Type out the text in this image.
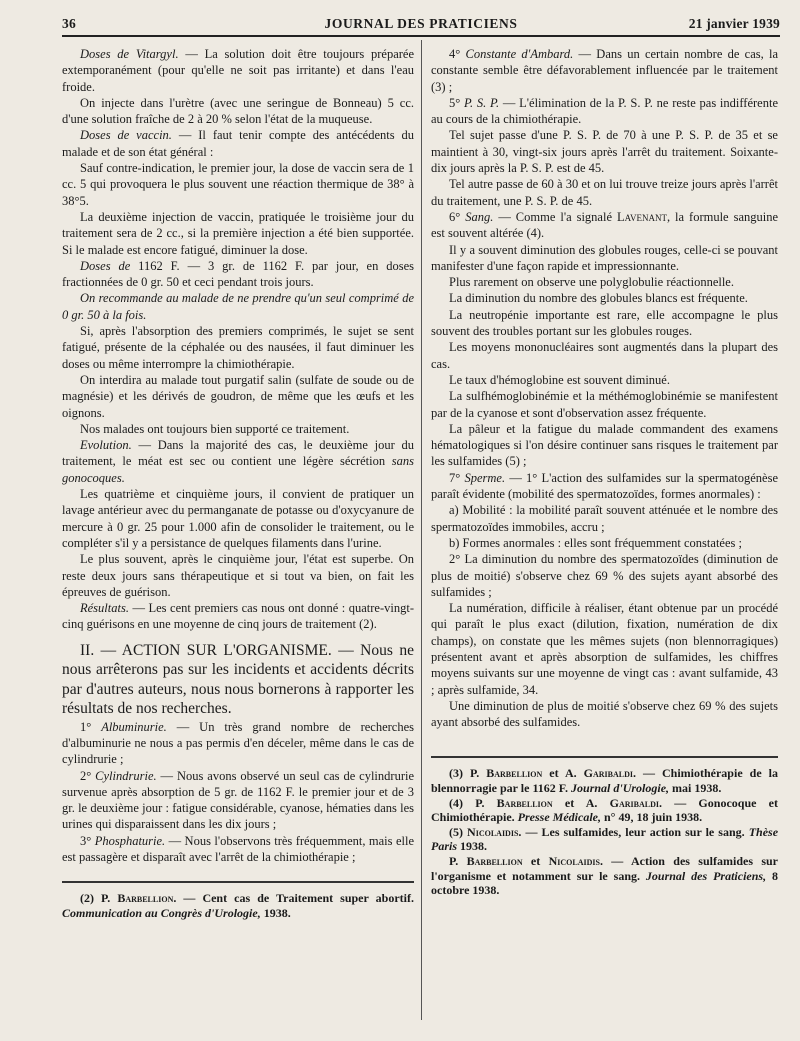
36	JOURNAL DES PRATICIENS	21 janvier 1939

Doses de Vitargyl. — La solution doit être toujours préparée extemporanément (pour qu'elle ne soit pas irritante) et dans l'eau froide.

On injecte dans l'urètre (avec une seringue de Bonneau) 5 cc. d'une solution fraîche de 2 à 20 % selon l'état de la muqueuse.

Doses de vaccin. — Il faut tenir compte des antécédents du malade et de son état général :

Sauf contre-indication, le premier jour, la dose de vaccin sera de 1 cc. 5 qui provoquera le plus souvent une réaction thermique de 38° à 38°5.

La deuxième injection de vaccin, pratiquée le troisième jour du traitement sera de 2 cc., si la première injection a été bien supportée. Si le malade est encore fatigué, diminuer la dose.

Doses de 1162 F. — 3 gr. de 1162 F. par jour, en doses fractionnées de 0 gr. 50 et ceci pendant trois jours.

On recommande au malade de ne prendre qu'un seul comprimé de 0 gr. 50 à la fois.

Si, après l'absorption des premiers comprimés, le sujet se sent fatigué, présente de la céphalée ou des nausées, il faut diminuer les doses ou même interrompre la chimiothérapie.

On interdira au malade tout purgatif salin (sulfate de soude ou de magnésie) et les dérivés de goudron, de même que les œufs et les oignons.

Nos malades ont toujours bien supporté ce traitement.

Evolution. — Dans la majorité des cas, le deuxième jour du traitement, le méat est sec ou contient une légère sécrétion sans gonocoques.

Les quatrième et cinquième jours, il convient de pratiquer un lavage antérieur avec du permanganate de potasse ou d'oxycyanure de mercure à 0 gr. 25 pour 1.000 afin de consolider le traitement, ou le compléter s'il y a persistance de quelques filaments dans l'urine.

Le plus souvent, après le cinquième jour, l'état est superbe. On reste deux jours sans thérapeutique et si tout va bien, on fait les épreuves de guérison.

Résultats. — Les cent premiers cas nous ont donné : quatre-vingt-cinq guérisons en une moyenne de cinq jours de traitement (2).

II. — ACTION SUR L'ORGANISME. — Nous ne nous arrêterons pas sur les incidents et accidents décrits par d'autres auteurs, nous nous bornerons à rapporter les résultats de nos recherches.

1° Albuminurie. — Un très grand nombre de recherches d'albuminurie ne nous a pas permis d'en déceler, même dans le cas de cylindrurie ;

2° Cylindrurie. — Nous avons observé un seul cas de cylindrurie survenue après absorption de 5 gr. de 1162 F. le premier jour et de 3 gr. le deuxième jour : fatigue considérable, cyanose, hématies dans les urines qui disparaissent dans les dix jours ;

3° Phosphaturie. — Nous l'observons très fréquemment, mais elle est passagère et disparaît avec l'arrêt de la chimiothérapie ;

(2) P. Barbellion. — Cent cas de Traitement super abortif. Communication au Congrès d'Urologie, 1938.

4° Constante d'Ambard. — Dans un certain nombre de cas, la constante semble être défavorablement influencée par le traitement (3) ;

5° P. S. P. — L'élimination de la P. S. P. ne reste pas indifférente au cours de la chimiothérapie.

Tel sujet passe d'une P. S. P. de 70 à une P. S. P. de 35 et se maintient à 30, vingt-six jours après l'arrêt du traitement. Soixante-dix jours après la P. S. P. est de 45.

Tel autre passe de 60 à 30 et on lui trouve treize jours après l'arrêt du traitement, une P. S. P. de 45.

6° Sang. — Comme l'a signalé Lavenant, la formule sanguine est souvent altérée (4).

Il y a souvent diminution des globules rouges, celle-ci se pouvant manifester d'une façon rapide et impressionnante.

Plus rarement on observe une polyglobulie réactionnelle.

La diminution du nombre des globules blancs est fréquente.

La neutropénie importante est rare, elle accompagne le plus souvent des troubles portant sur les globules rouges.

Les moyens mononucléaires sont augmentés dans la plupart des cas.

Le taux d'hémoglobine est souvent diminué.

La sulfhémoglobinémie et la méthémoglobinémie se manifestent par de la cyanose et sont d'observation assez fréquente.

La pâleur et la fatigue du malade commandent des examens hématologiques si l'on désire continuer sans risques le traitement par les sulfamides (5) ;

7° Sperme. — 1° L'action des sulfamides sur la spermatogénèse paraît évidente (mobilité des spermatozoïdes, formes anormales) :

a) Mobilité : la mobilité paraît souvent atténuée et le nombre des spermatozoïdes immobiles, accru ;

b) Formes anormales : elles sont fréquemment constatées ;

2° La diminution du nombre des spermatozoïdes (diminution de plus de moitié) s'observe chez 69 % des sujets ayant absorbé des sulfamides ;

La numération, difficile à réaliser, étant obtenue par un procédé qui paraît le plus exact (dilution, fixation, numération de dix champs), on constate que les mêmes sujets (non blennorragiques) présentent avant et après absorption de sulfamides, les chiffres moyens suivants sur une moyenne de vingt cas : avant sulfamide, 43 ; après sulfamide, 34.

Une diminution de plus de moitié s'observe chez 69 % des sujets ayant absorbé des sulfamides.

(3) P. Barbellion et A. Garibaldi. — Chimiothérapie de la blennorragie par le 1162 F. Journal d'Urologie, mai 1938.

(4) P. Barbellion et A. Garibaldi. — Gonocoque et Chimiothérapie. Presse Médicale, n° 49, 18 juin 1938.

(5) Nicolaidis. — Les sulfamides, leur action sur le sang. Thèse Paris 1938.

P. Barbellion et Nicolaidis. — Action des sulfamides sur l'organisme et notamment sur le sang. Journal des Praticiens, 8 octobre 1938.
